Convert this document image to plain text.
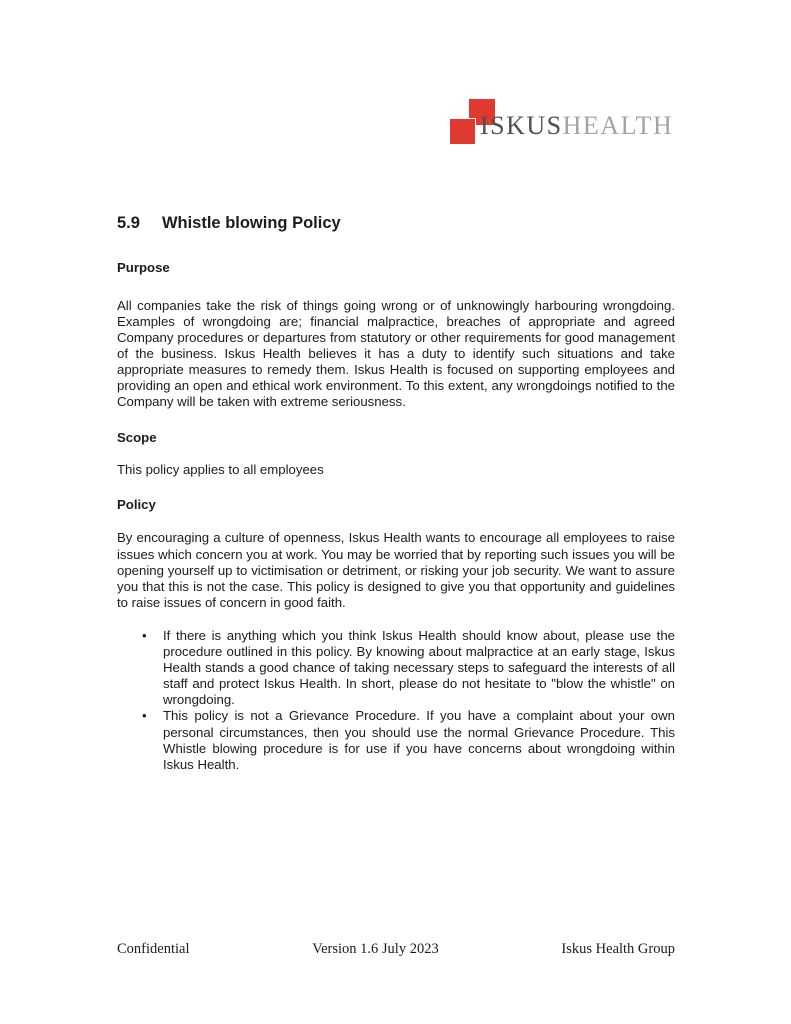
ISKUSHEALTH
5.9 Whistle blowing Policy
Purpose

All companies take the risk of things going wrong or of unknowingly harbouring wrongdoing. Examples of wrongdoing are; financial malpractice, breaches of appropriate and agreed Company procedures or departures from statutory or other requirements for good management of the business. Iskus Health believes it has a duty to identify such situations and take appropriate measures to remedy them. Iskus Health is focused on supporting employees and providing an open and ethical work environment. To this extent, any wrongdoings notified to the Company will be taken with extreme seriousness.

Scope

This policy applies to all employees

Policy

By encouraging a culture of openness, Iskus Health wants to encourage all employees to raise issues which concern you at work. You may be worried that by reporting such issues you will be opening yourself up to victimisation or detriment, or risking your job security. We want to assure you that this is not the case. This policy is designed to give you that opportunity and guidelines to raise issues of concern in good faith.

• If there is anything which you think Iskus Health should know about, please use the procedure outlined in this policy. By knowing about malpractice at an early stage, Iskus Health stands a good chance of taking necessary steps to safeguard the interests of all staff and protect Iskus Health. In short, please do not hesitate to "blow the whistle" on wrongdoing.
• This policy is not a Grievance Procedure. If you have a complaint about your own personal circumstances, then you should use the normal Grievance Procedure. This Whistle blowing procedure is for use if you have concerns about wrongdoing within Iskus Health.
Confidential	Version 1.6 July 2023	Iskus Health Group
